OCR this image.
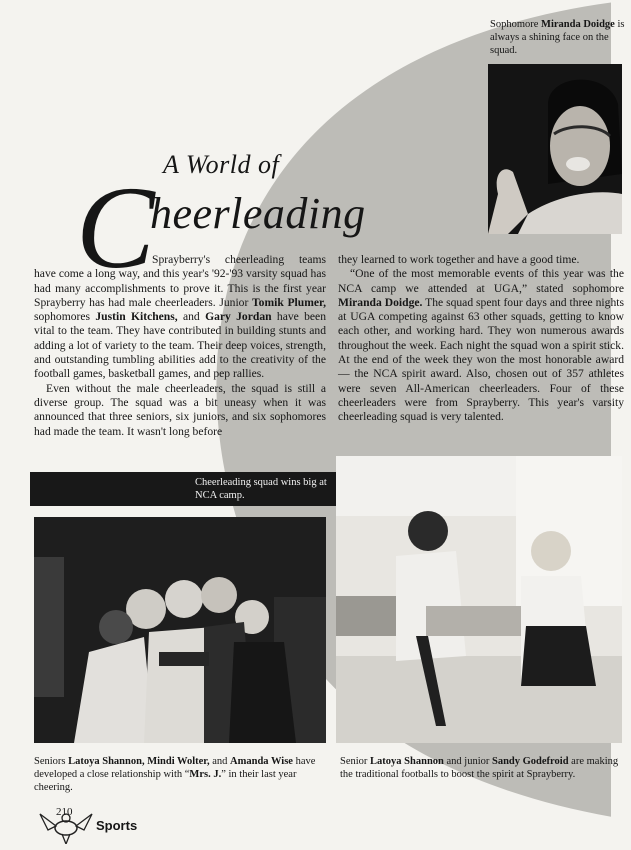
Sophomore Miranda Doidge is always a shining face on the squad.
A World of
C
heerleading

Sprayberry's cheerleading teams have come a long way, and this year's '92-'93 varsity squad has had many accomplishments to prove it. This is the first year Sprayberry has had male cheerleaders. Junior Tomik Plumer, sophomores Justin Kitchens, and Gary Jordan have been vital to the team. They have contributed in building stunts and adding a lot of variety to the team. Their deep voices, strength, and outstanding tumbling abilities add to the creativity of the football games, basketball games, and pep rallies.

Even without the male cheerleaders, the squad is still a diverse group. The squad was a bit uneasy when it was announced that three seniors, six juniors, and six sophomores had made the team. It wasn't long before

they learned to work together and have a good time.

“One of the most memorable events of this year was the NCA camp we attended at UGA,” stated sophomore Miranda Doidge. The squad spent four days and three nights at UGA competing against 63 other squads, getting to know each other, and working hard. They won numerous awards throughout the week. Each night the squad won a spirit stick. At the end of the week they won the most honorable award — the NCA spirit award. Also, chosen out of 357 athletes were seven All-American cheerleaders. Four of these cheerleaders were from Sprayberry. This year's varsity cheerleading squad is very talented.

Cheerleading squad wins big at NCA camp.
Seniors Latoya Shannon, Mindi Wolter, and Amanda Wise have developed a close relationship with “Mrs. J.” in their last year cheering.
Senior Latoya Shannon and junior Sandy Godefroid are making the traditional footballs to boost the spirit at Sprayberry.
210
Sports
